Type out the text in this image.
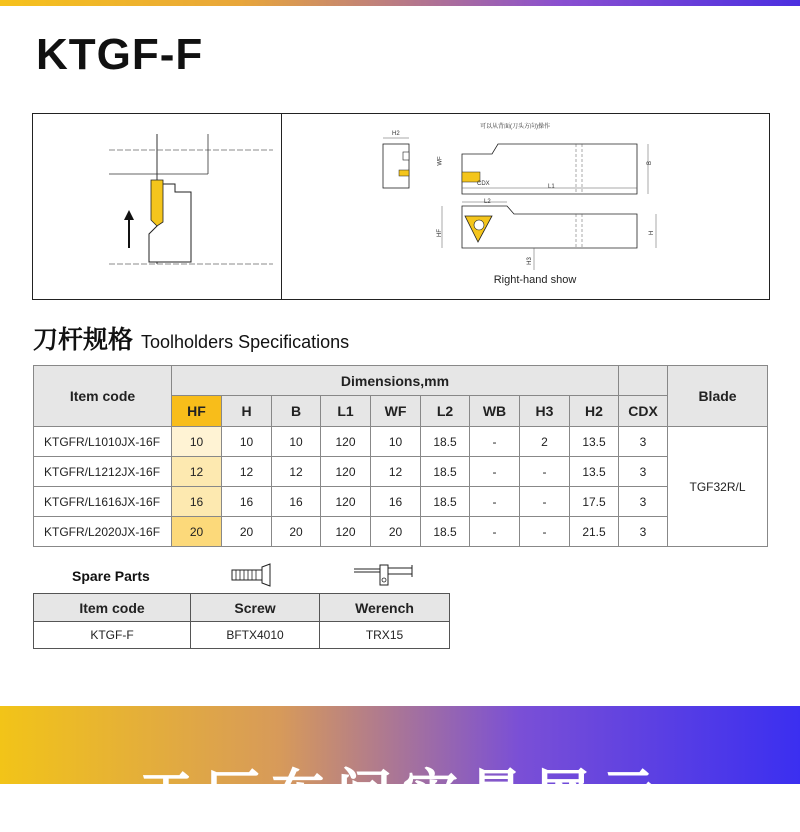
KTGF-F
可以从背面(刀头方向)操作
H2
WF	B
CDX	L1
L2
HF	H
H3
Right-hand show
刀杆规格 Toolholders Specifications
Item code	Dimensions,mm										Blade
	HF	H	B	L1	WF	L2	WB	H3	H2	CDX	
KTGFR/L1010JX-16F	10	10	10	120	10	18.5	-	2	13.5	3	TGF32R/L
KTGFR/L1212JX-16F	12	12	12	120	12	18.5	-	-	13.5	3	
KTGFR/L1616JX-16F	16	16	16	120	16	18.5	-	-	17.5	3	
KTGFR/L2020JX-16F	20	20	20	120	20	18.5	-	-	21.5	3	
Spare Parts
Item code	Screw	Werench
KTGF-F	BFTX4010	TRX15
工厂车间实景展示
